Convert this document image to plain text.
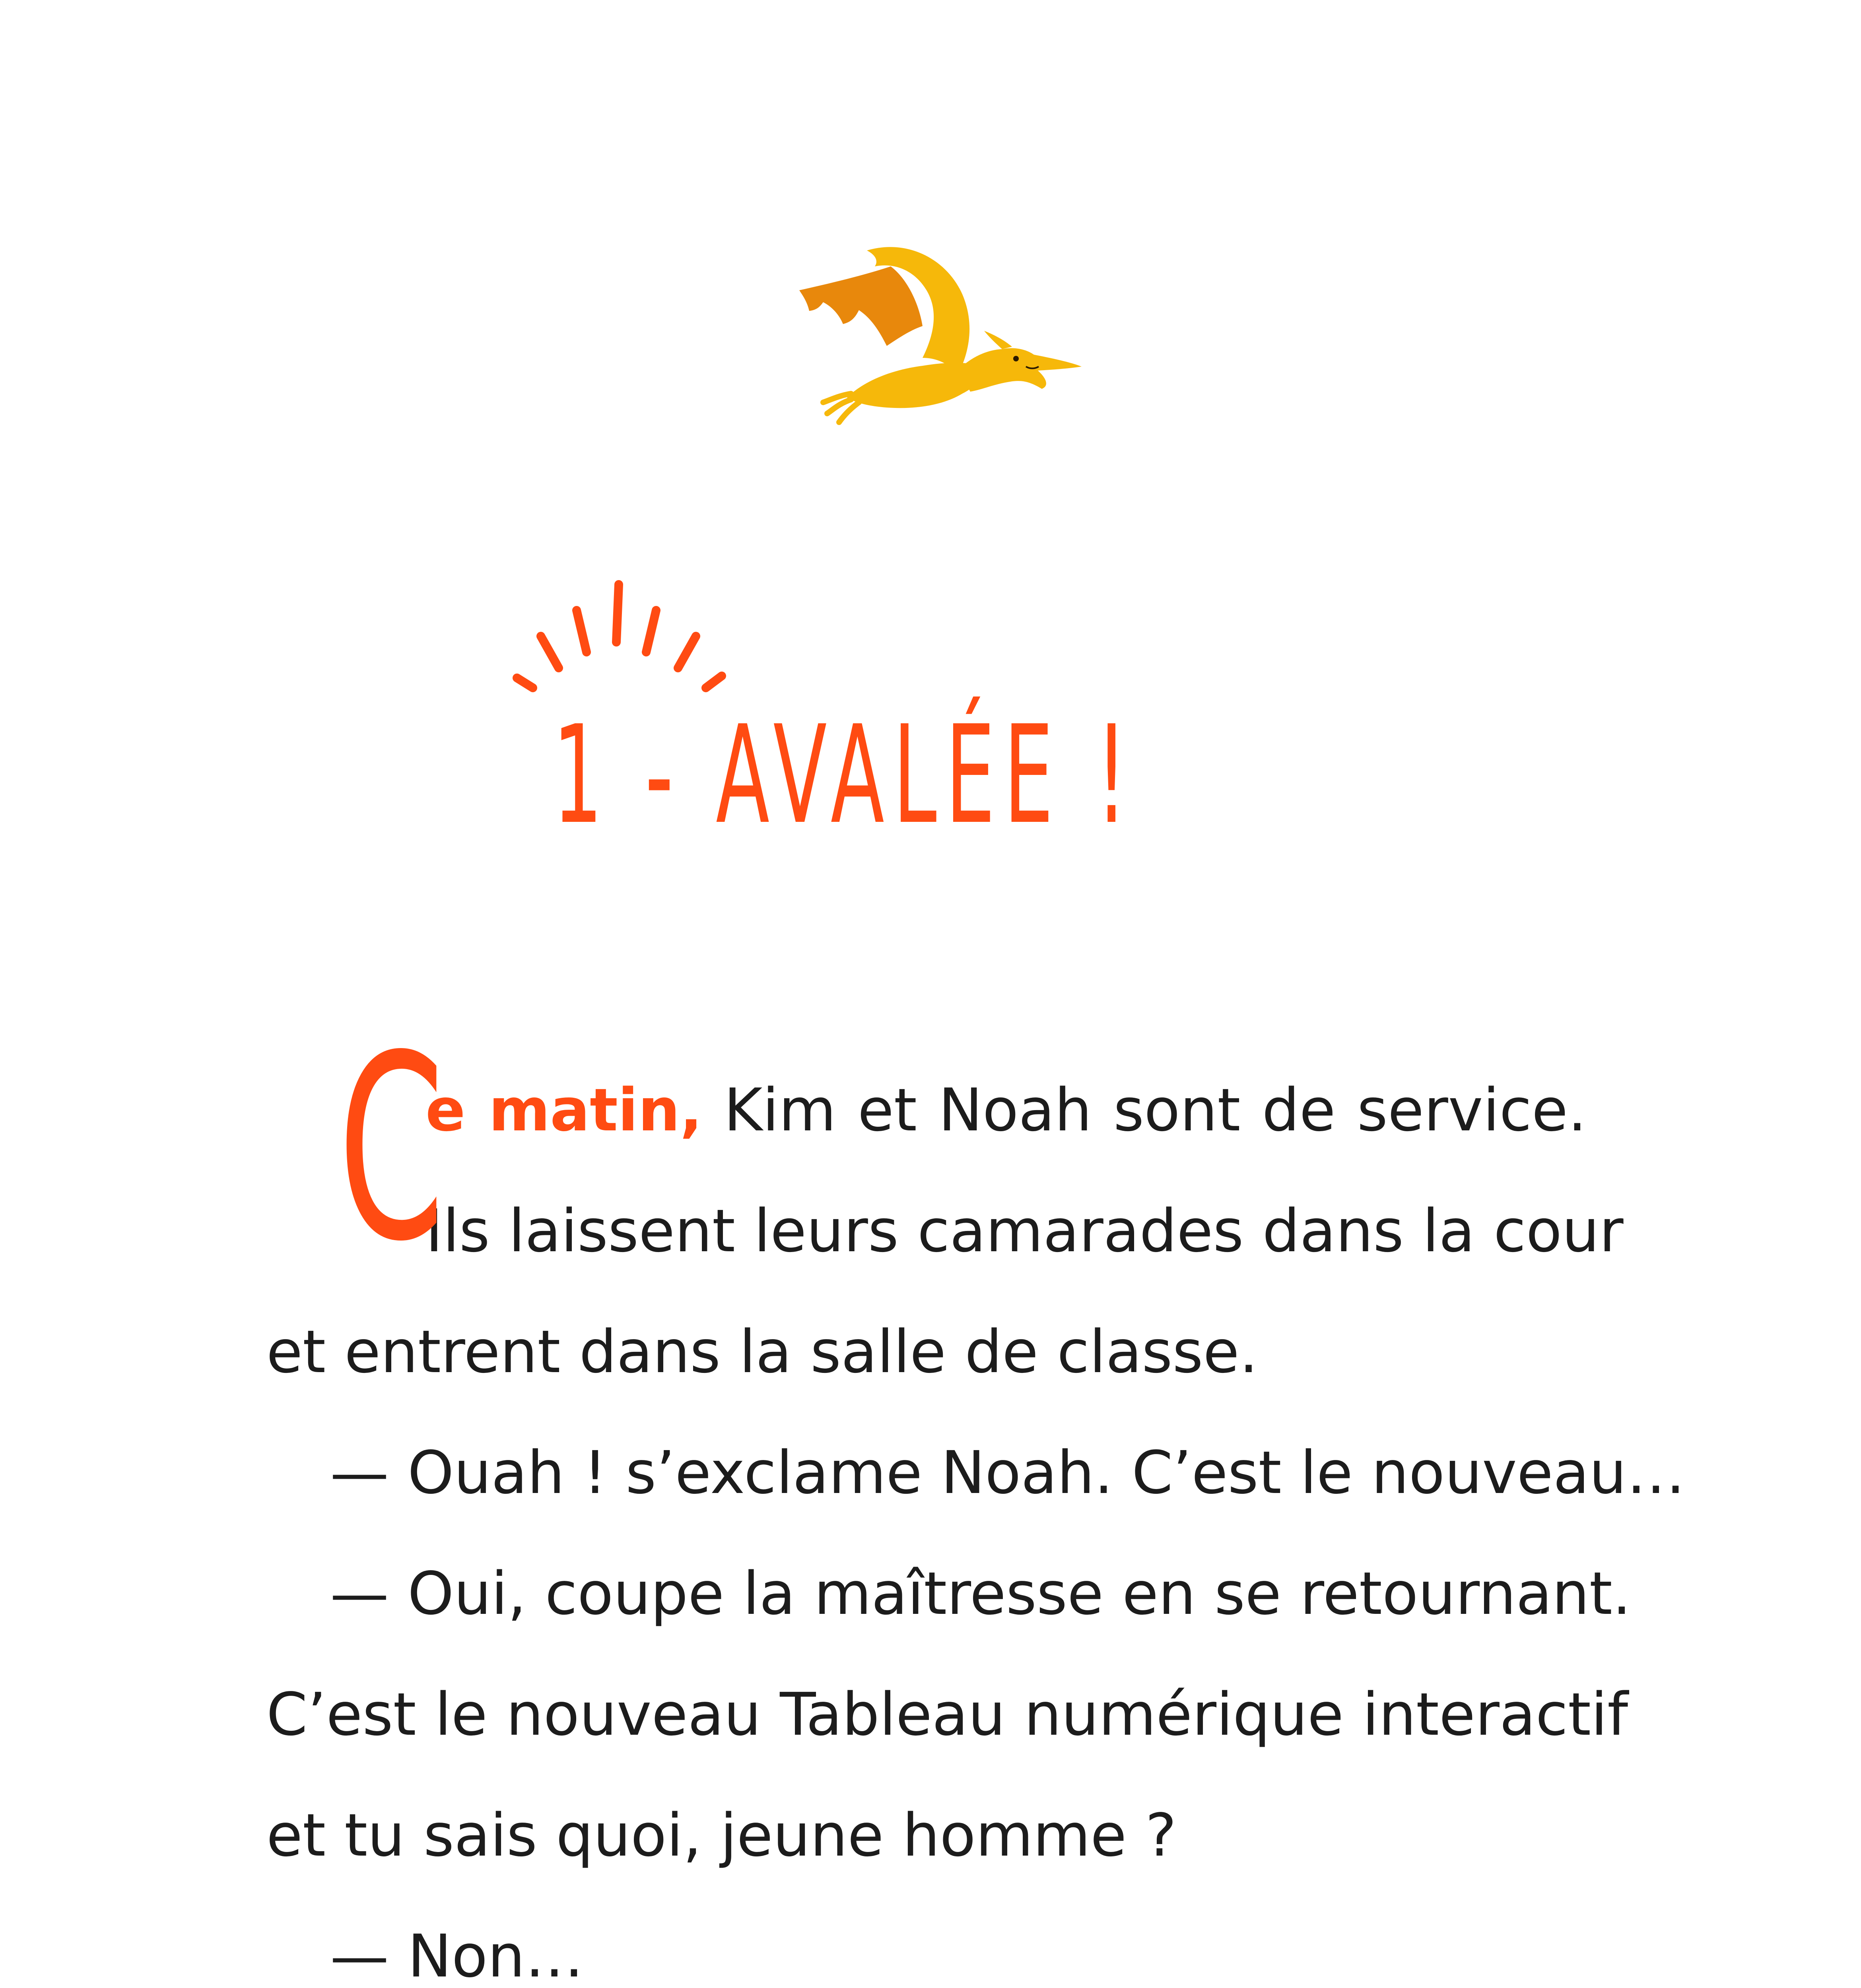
1 - AVALÉE !
C
e matin, Kim et Noah sont de service.
Ils laissent leurs camarades dans la cour
et entrent dans la salle de classe.
— Ouah ! s’exclame Noah. C’est le nouveau…
— Oui, coupe la maîtresse en se retournant.
C’est le nouveau Tableau numérique interactif
et tu sais quoi, jeune homme ?
— Non…
